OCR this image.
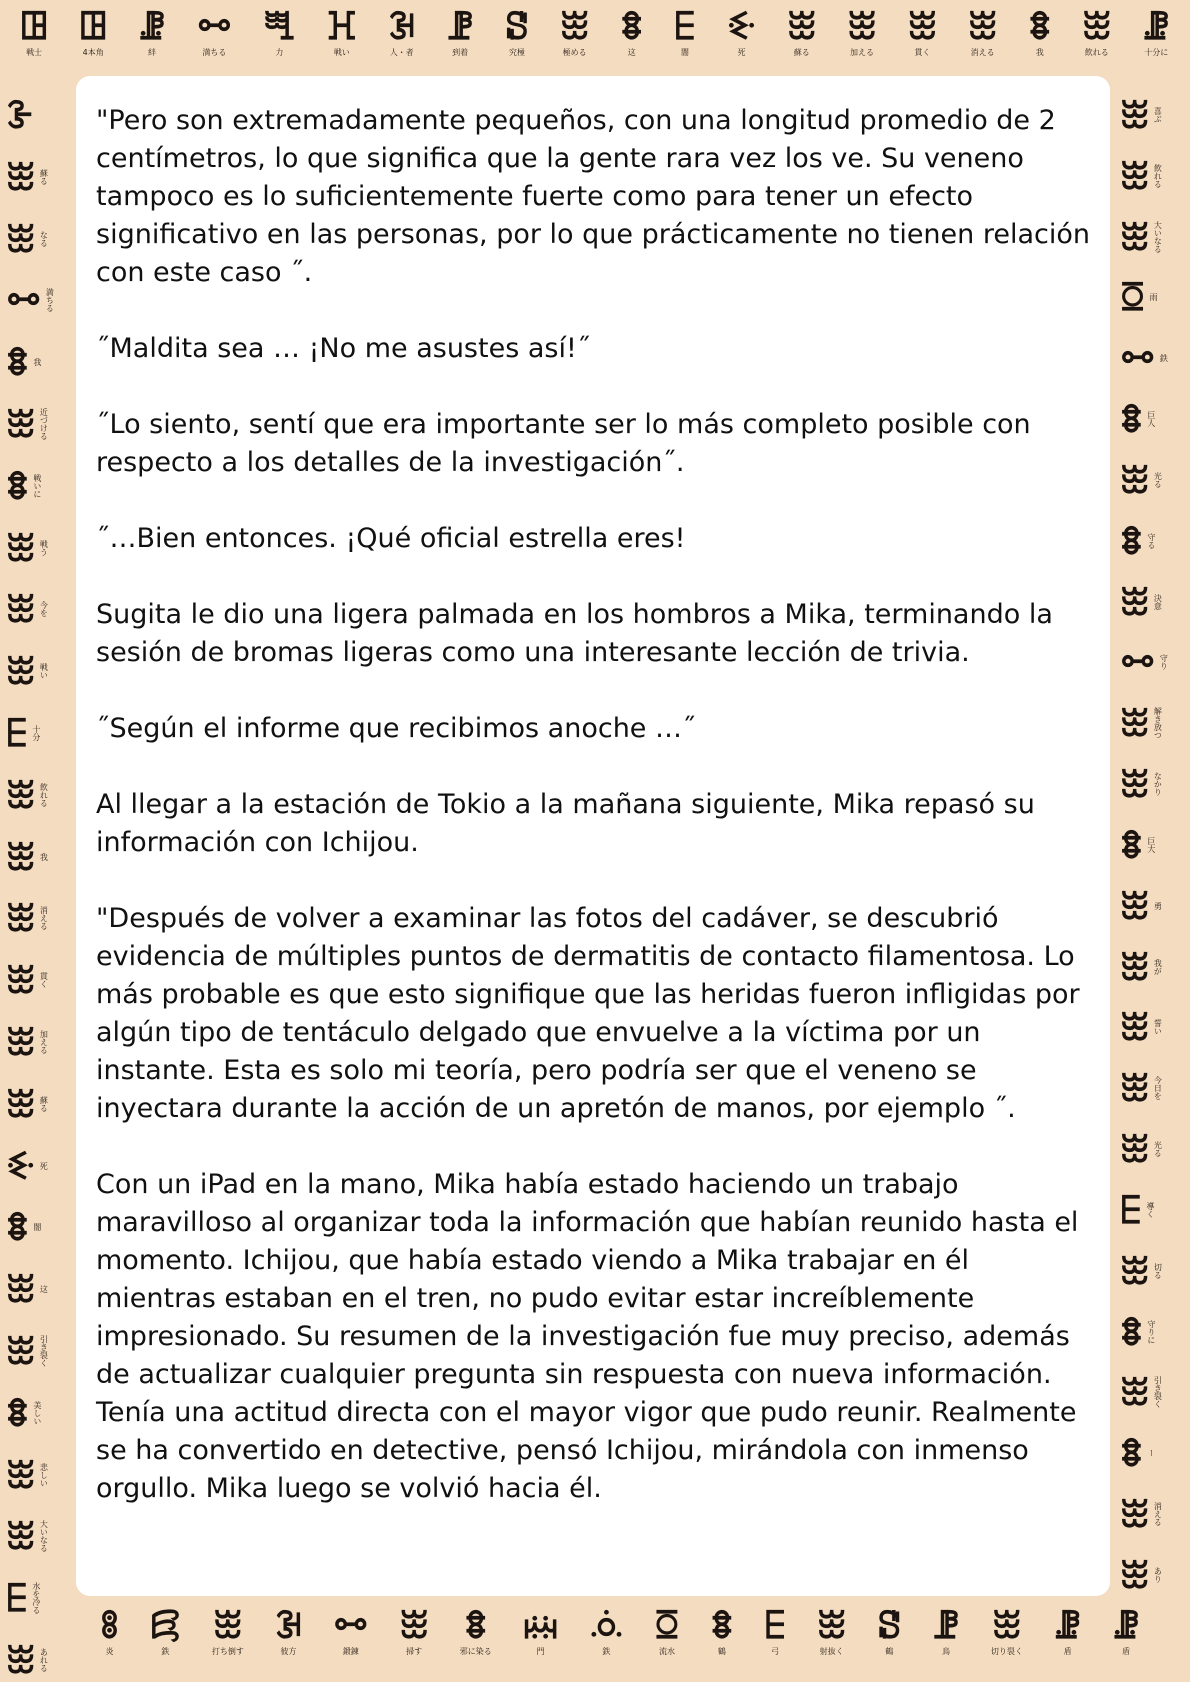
ꖸ
戦士
ꖸ
4本角
ꗙ
絆
ꗬ
満ちる
ꖽ
力
ꖾ
戦い
ꘂ
人・者
ꗘ
到着
ꗟ
究極
ꖿ
極める
ꗊ
这
ꗋ
闇
ꗩ
死
ꖿ
蘇る
ꖿ
加える
ꖿ
貫く
ꖿ
消える
ꗊ
我
ꖿ
飲れる
ꗙ
十分に
ꗚ
炎
ꗛ
鉄
ꖿ
打ち倒す
ꘂ
彼方
ꗬ
鍛錬
ꖿ
掃す
ꗊ
邪に染る
ꗜ
門
ꗝ
鉄
ꗞ
流水
ꗊ
鶴
ꗋ
弓
ꖿ
射抜く
ꗟ
鶴
ꗘ
鳥
ꖿ
切り裂く
ꗙ
盾
ꗙ
盾
ꗿ
ꖿ 蘇る
ꖿ なる
ꗬ 満ちる
ꗊ 我
ꖿ 近づける
ꗊ 戦いに
ꖿ 戦う
ꖿ 今を
ꖿ 戦い
ꗋ 十分
ꖿ 飲れる
ꖿ 我
ꖿ 消える
ꖿ 貫く
ꖿ 加える
ꖿ 蘇る
ꗩ 死
ꗊ 闇
ꖿ 这
ꖿ 引き裂く
ꗊ 美しい
ꖿ 悲しい
ꖿ 大いなる
ꗋ 水を冷る
ꖿ あれる
ꖿ 喜ぶ
ꖿ 飲れる
ꖿ 大いなる
ꗞ 雨
ꗬ 鉄
ꗊ 巨人
ꖿ 光る
ꗊ 守る
ꖿ 決意
ꗬ 守り
ꖿ 解き放つ
ꖿ なかり
ꗊ 巨大
ꖿ 勇
ꖿ 我が
ꖿ 誓い
ꖿ 今日を
ꖿ 光る
ꗋ 導く
ꖿ 切る
ꗊ 守りに
ꖿ 引き裂く
ꗊ ー
ꖿ 消える
ꖿ あり

"Pero son extremadamente pequeños, con una longitud promedio de 2 centímetros, lo que significa que la gente rara vez los ve. Su veneno tampoco es lo suficientemente fuerte como para tener un efecto significativo en las personas, por lo que prácticamente no tienen relación con este caso ˝.

˝Maldita sea … ¡No me asustes así!˝

˝Lo siento, sentí que era importante ser lo más completo posible con respecto a los detalles de la investigación˝.

˝…Bien entonces. ¡Qué oficial estrella eres!

Sugita le dio una ligera palmada en los hombros a Mika, terminando la sesión de bromas ligeras como una interesante lección de trivia.

˝Según el informe que recibimos anoche …˝

Al llegar a la estación de Tokio a la mañana siguiente, Mika repasó su información con Ichijou.

"Después de volver a examinar las fotos del cadáver, se descubrió evidencia de múltiples puntos de dermatitis de contacto filamentosa. Lo más probable es que esto signifique que las heridas fueron infligidas por algún tipo de tentáculo delgado que envuelve a la víctima por un instante. Esta es solo mi teoría, pero podría ser que el veneno se inyectara durante la acción de un apretón de manos, por ejemplo ˝.

Con un iPad en la mano, Mika había estado haciendo un trabajo maravilloso al organizar toda la información que habían reunido hasta el momento. Ichijou, que había estado viendo a Mika trabajar en él mientras estaban en el tren, no pudo evitar estar increíblemente impresionado. Su resumen de la investigación fue muy preciso, además de actualizar cualquier pregunta sin respuesta con nueva información. Tenía una actitud directa con el mayor vigor que pudo reunir. Realmente se ha convertido en detective, pensó Ichijou, mirándola con inmenso orgullo. Mika luego se volvió hacia él.
